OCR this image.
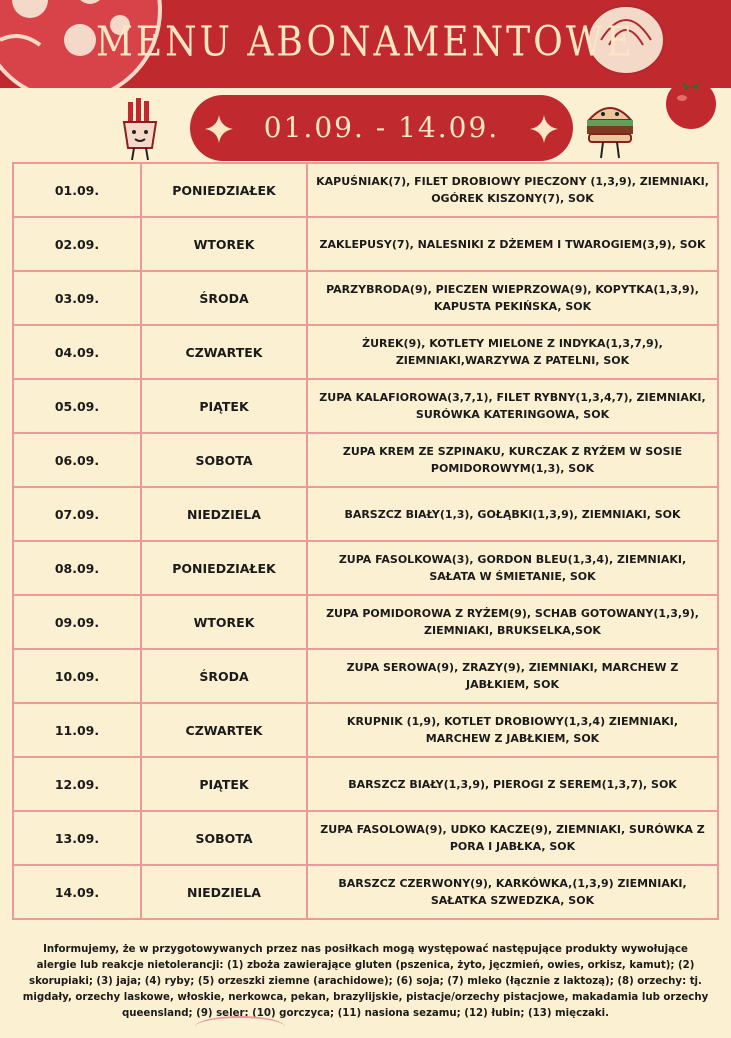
MENU ABONAMENTOWE
01.09. - 14.09.
01.09.	PONIEDZIAŁEK	KAPUŚNIAK(7), FILET DROBIOWY PIECZONY (1,3,9), ZIEMNIAKI, OGÓREK KISZONY(7), SOK
02.09.	WTOREK	ZAKLEPUSY(7), NALESNIKI Z DŻEMEM I TWAROGIEM(3,9), SOK
03.09.	ŚRODA	PARZYBRODA(9), PIECZEN WIEPRZOWA(9), KOPYTKA(1,3,9), KAPUSTA PEKIŃSKA, SOK
04.09.	CZWARTEK	ŻUREK(9), KOTLETY MIELONE Z INDYKA(1,3,7,9), ZIEMNIAKI,WARZYWA Z PATELNI, SOK
05.09.	PIĄTEK	ZUPA KALAFIOROWA(3,7,1), FILET RYBNY(1,3,4,7), ZIEMNIAKI, SURÓWKA KATERINGOWA, SOK
06.09.	SOBOTA	ZUPA KREM ZE SZPINAKU, KURCZAK Z RYŻEM W SOSIE POMIDOROWYM(1,3), SOK
07.09.	NIEDZIELA	BARSZCZ BIAŁY(1,3), GOŁĄBKI(1,3,9), ZIEMNIAKI, SOK
08.09.	PONIEDZIAŁEK	ZUPA FASOLKOWA(3), GORDON BLEU(1,3,4), ZIEMNIAKI, SAŁATA W ŚMIETANIE, SOK
09.09.	WTOREK	ZUPA POMIDOROWA Z RYŻEM(9), SCHAB GOTOWANY(1,3,9), ZIEMNIAKI, BRUKSELKA,SOK
10.09.	ŚRODA	ZUPA SEROWA(9), ZRAZY(9), ZIEMNIAKI, MARCHEW Z JABŁKIEM, SOK
11.09.	CZWARTEK	KRUPNIK (1,9), KOTLET DROBIOWY(1,3,4) ZIEMNIAKI, MARCHEW Z JABŁKIEM, SOK
12.09.	PIĄTEK	BARSZCZ BIAŁY(1,3,9), PIEROGI Z SEREM(1,3,7), SOK
13.09.	SOBOTA	ZUPA FASOLOWA(9), UDKO KACZE(9), ZIEMNIAKI, SURÓWKA Z PORA I JABŁKA, SOK
14.09.	NIEDZIELA	BARSZCZ CZERWONY(9), KARKÓWKA,(1,3,9) ZIEMNIAKI, SAŁATKA SZWEDZKA, SOK
Informujemy, że w przygotowywanych przez nas posiłkach mogą występować następujące produkty wywołujące alergie lub reakcje nietolerancji: (1) zboża zawierające gluten (pszenica, żyto, jęczmień, owies, orkisz, kamut); (2) skorupiaki; (3) jaja; (4) ryby; (5) orzeszki ziemne (arachidowe); (6) soja; (7) mleko (łącznie z laktozą); (8) orzechy: tj. migdały, orzechy laskowe, włoskie, nerkowca, pekan, brazylijskie, pistacje/orzechy pistacjowe, makadamia lub orzechy queensland; (9) seler; (10) gorczyca; (11) nasiona sezamu; (12) łubin; (13) mięczaki.
